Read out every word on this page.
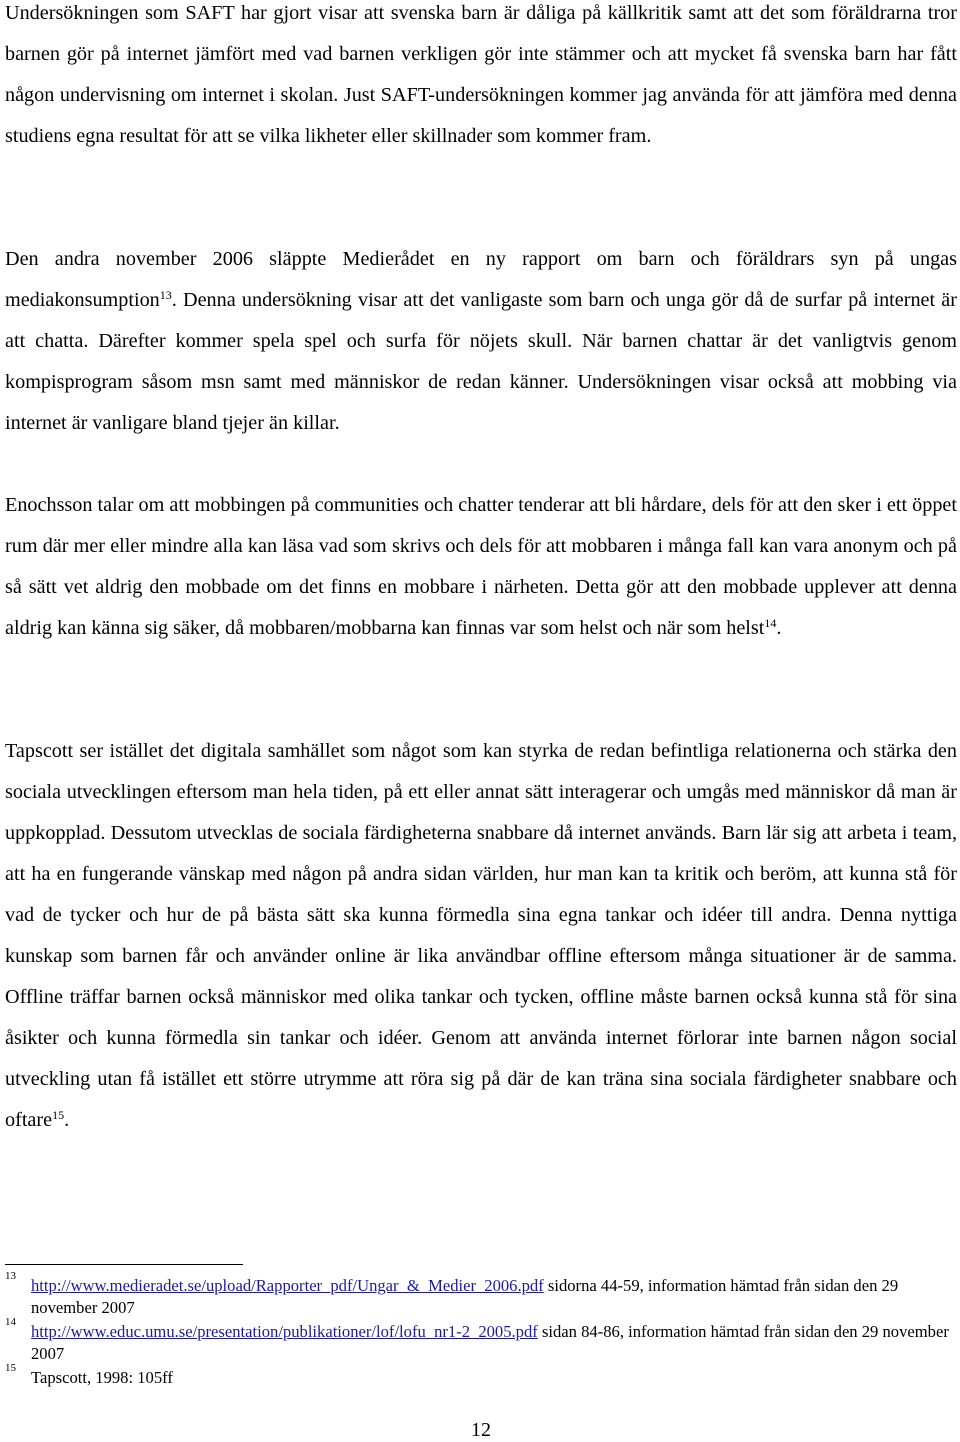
Undersökningen som SAFT har gjort visar att svenska barn är dåliga på källkritik samt att det som föräldrarna tror barnen gör på internet jämfört med vad barnen verkligen gör inte stämmer och att mycket få svenska barn har fått någon undervisning om internet i skolan. Just SAFT-undersökningen kommer jag använda för att jämföra med denna studiens egna resultat för att se vilka likheter eller skillnader som kommer fram.

Den andra november 2006 släppte Medierådet en ny rapport om barn och föräldrars syn på ungas mediakonsumption$^{13}$. Denna undersökning visar att det vanligaste som barn och unga gör då de surfar på internet är att chatta. Därefter kommer spela spel och surfa för nöjets skull. När barnen chattar är det vanligtvis genom kompisprogram såsom msn samt med människor de redan känner. Undersökningen visar också att mobbing via internet är vanligare bland tjejer än killar.

Enochsson talar om att mobbingen på communities och chatter tenderar att bli hårdare, dels för att den sker i ett öppet rum där mer eller mindre alla kan läsa vad som skrivs och dels för att mobbaren i många fall kan vara anonym och på så sätt vet aldrig den mobbade om det finns en mobbare i närheten. Detta gör att den mobbade upplever att denna aldrig kan känna sig säker, då mobbaren/mobbarna kan finnas var som helst och när som helst$^{14}$.

Tapscott ser istället det digitala samhället som något som kan styrka de redan befintliga relationerna och stärka den sociala utvecklingen eftersom man hela tiden, på ett eller annat sätt interagerar och umgås med människor då man är uppkopplad. Dessutom utvecklas de sociala färdigheterna snabbare då internet används. Barn lär sig att arbeta i team, att ha en fungerande vänskap med någon på andra sidan världen, hur man kan ta kritik och beröm, att kunna stå för vad de tycker och hur de på bästa sätt ska kunna förmedla sina egna tankar och idéer till andra. Denna nyttiga kunskap som barnen får och använder online är lika användbar offline eftersom många situationer är de samma. Offline träffar barnen också människor med olika tankar och tycken, offline måste barnen också kunna stå för sina åsikter och kunna förmedla sin tankar och idéer. Genom att använda internet förlorar inte barnen någon social utveckling utan få istället ett större utrymme att röra sig på där de kan träna sina sociala färdigheter snabbare och oftare$^{15}$.

13 http://www.medieradet.se/upload/Rapporter_pdf/Ungar_&_Medier_2006.pdf sidorna 44-59, information hämtad från sidan den 29 november 2007
14 http://www.educ.umu.se/presentation/publikationer/lof/lofu_nr1-2_2005.pdf sidan 84-86, information hämtad från sidan den 29 november 2007
15 Tapscott, 1998: 105ff
12
